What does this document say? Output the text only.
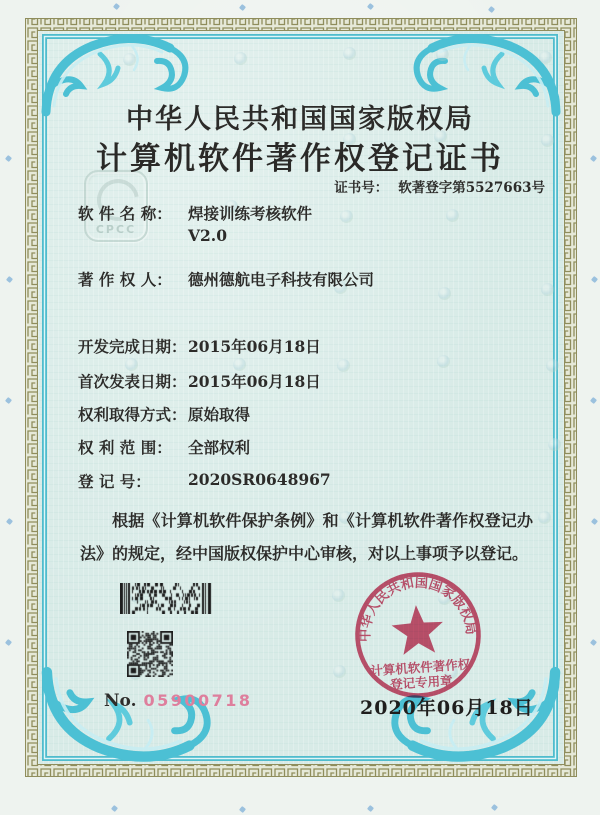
CPCC
中华人民共和国国家版权局
计算机软件著作权登记证书
证书号： 软著登字第5527663号
软 件 名 称： 焊接训练考核软件
V2.0
著 作 权 人： 德州德航电子科技有限公司
开发完成日期： 2015年06月18日
首次发表日期： 2015年06月18日
权利取得方式： 原始取得
权 利 范 围： 全部权利
登 记 号： 2020SR0648967

根据《计算机软件保护条例》和《计算机软件著作权登记办法》的规定，经中国版权保护中心审核，对以上事项予以登记。

No. 05900718	2020年06月18日
中华人民共和国国家版权局
计算机软件著作权
登记专用章
